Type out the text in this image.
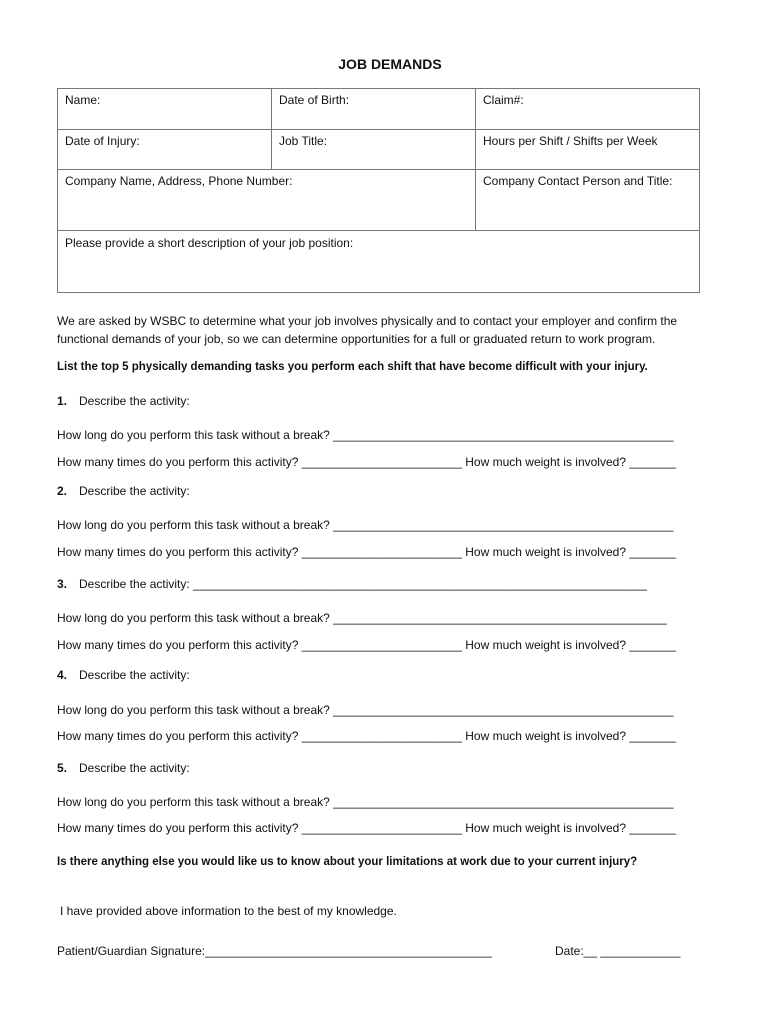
JOB DEMANDS
Name:	Date of Birth:	Claim#:
Date of Injury:	Job Title:	Hours per Shift / Shifts per Week
Company Name, Address, Phone Number:	Company Contact Person and Title:
Please provide a short description of your job position:
We are asked by WSBC to determine what your job involves physically and to contact your employer and confirm the
functional demands of your job, so we can determine opportunities for a full or graduated return to work program.
List the top 5 physically demanding tasks you perform each shift that have become difficult with your injury.
1. Describe the activity:
How long do you perform this task without a break? ___________________________________________________
How many times do you perform this activity? ________________________ How much weight is involved? _______
2. Describe the activity:
How long do you perform this task without a break? ___________________________________________________
How many times do you perform this activity? ________________________ How much weight is involved? _______
3. Describe the activity: ____________________________________________________________________
How long do you perform this task without a break? __________________________________________________
How many times do you perform this activity? ________________________ How much weight is involved? _______
4. Describe the activity:
How long do you perform this task without a break? ___________________________________________________
How many times do you perform this activity? ________________________ How much weight is involved? _______
5. Describe the activity:
How long do you perform this task without a break? ___________________________________________________
How many times do you perform this activity? ________________________ How much weight is involved? _______
Is there anything else you would like us to know about your limitations at work due to your current injury?
I have provided above information to the best of my knowledge.
Patient/Guardian Signature:___________________________________________	Date:__ ____________
